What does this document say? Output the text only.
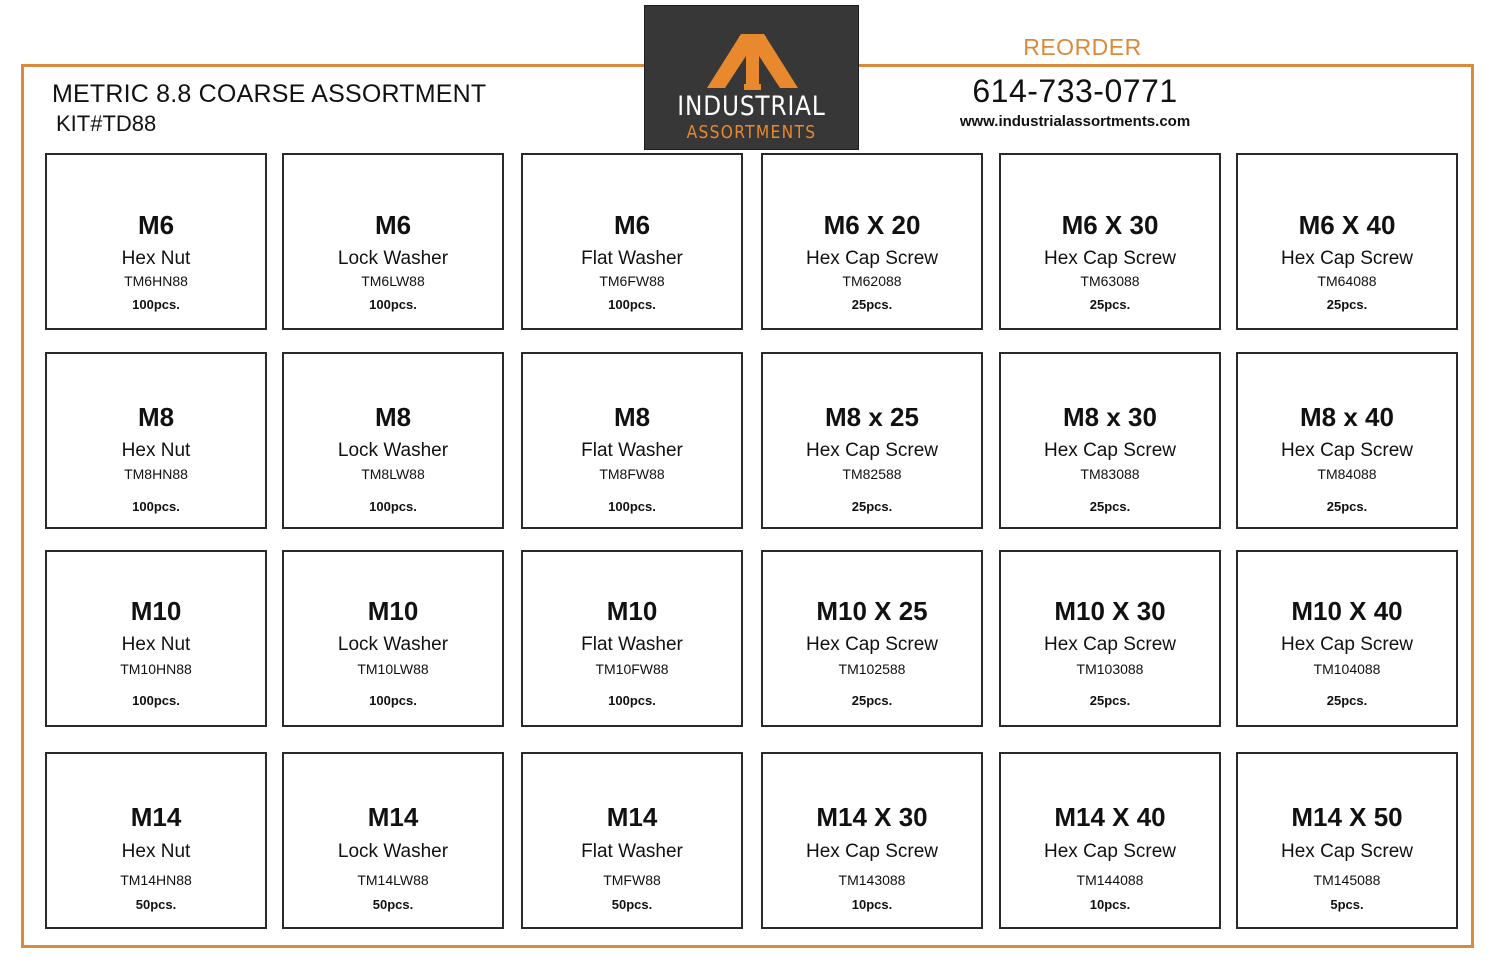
METRIC 8.8 COARSE ASSORTMENT
KIT#TD88
INDUSTRIAL
ASSORTMENTS
REORDER
614-733-0771
www.industrialassortments.com
M6
Hex Nut
TM6HN88
100pcs.
M6
Lock Washer
TM6LW88
100pcs.
M6
Flat Washer
TM6FW88
100pcs.
M6 X 20
Hex Cap Screw
TM62088
25pcs.
M6 X 30
Hex Cap Screw
TM63088
25pcs.
M6 X 40
Hex Cap Screw
TM64088
25pcs.
M8
Hex Nut
TM8HN88
100pcs.
M8
Lock Washer
TM8LW88
100pcs.
M8
Flat Washer
TM8FW88
100pcs.
M8 x 25
Hex Cap Screw
TM82588
25pcs.
M8 x 30
Hex Cap Screw
TM83088
25pcs.
M8 x 40
Hex Cap Screw
TM84088
25pcs.
M10
Hex Nut
TM10HN88
100pcs.
M10
Lock Washer
TM10LW88
100pcs.
M10
Flat Washer
TM10FW88
100pcs.
M10 X 25
Hex Cap Screw
TM102588
25pcs.
M10 X 30
Hex Cap Screw
TM103088
25pcs.
M10 X 40
Hex Cap Screw
TM104088
25pcs.
M14
Hex Nut
TM14HN88
50pcs.
M14
Lock Washer
TM14LW88
50pcs.
M14
Flat Washer
TMFW88
50pcs.
M14 X 30
Hex Cap Screw
TM143088
10pcs.
M14 X 40
Hex Cap Screw
TM144088
10pcs.
M14 X 50
Hex Cap Screw
TM145088
5pcs.
